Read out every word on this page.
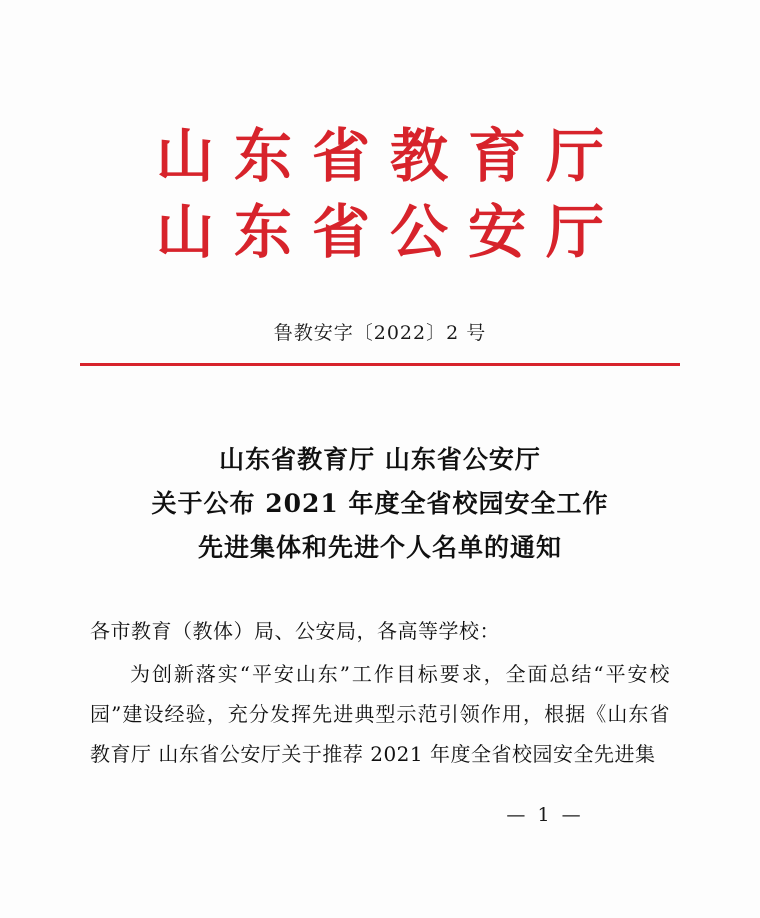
山东省教育厅
山东省公安厅
鲁教安字〔2022〕2 号
山东省教育厅 山东省公安厅
关于公布 2021 年度全省校园安全工作
先进集体和先进个人名单的通知
各市教育（教体）局、公安局，各高等学校：
为创新落实“平安山东”工作目标要求，全面总结“平安校园”建设经验，充分发挥先进典型示范引领作用，根据《山东省教育厅 山东省公安厅关于推荐 2021 年度全省校园安全先进集
— 1 —
